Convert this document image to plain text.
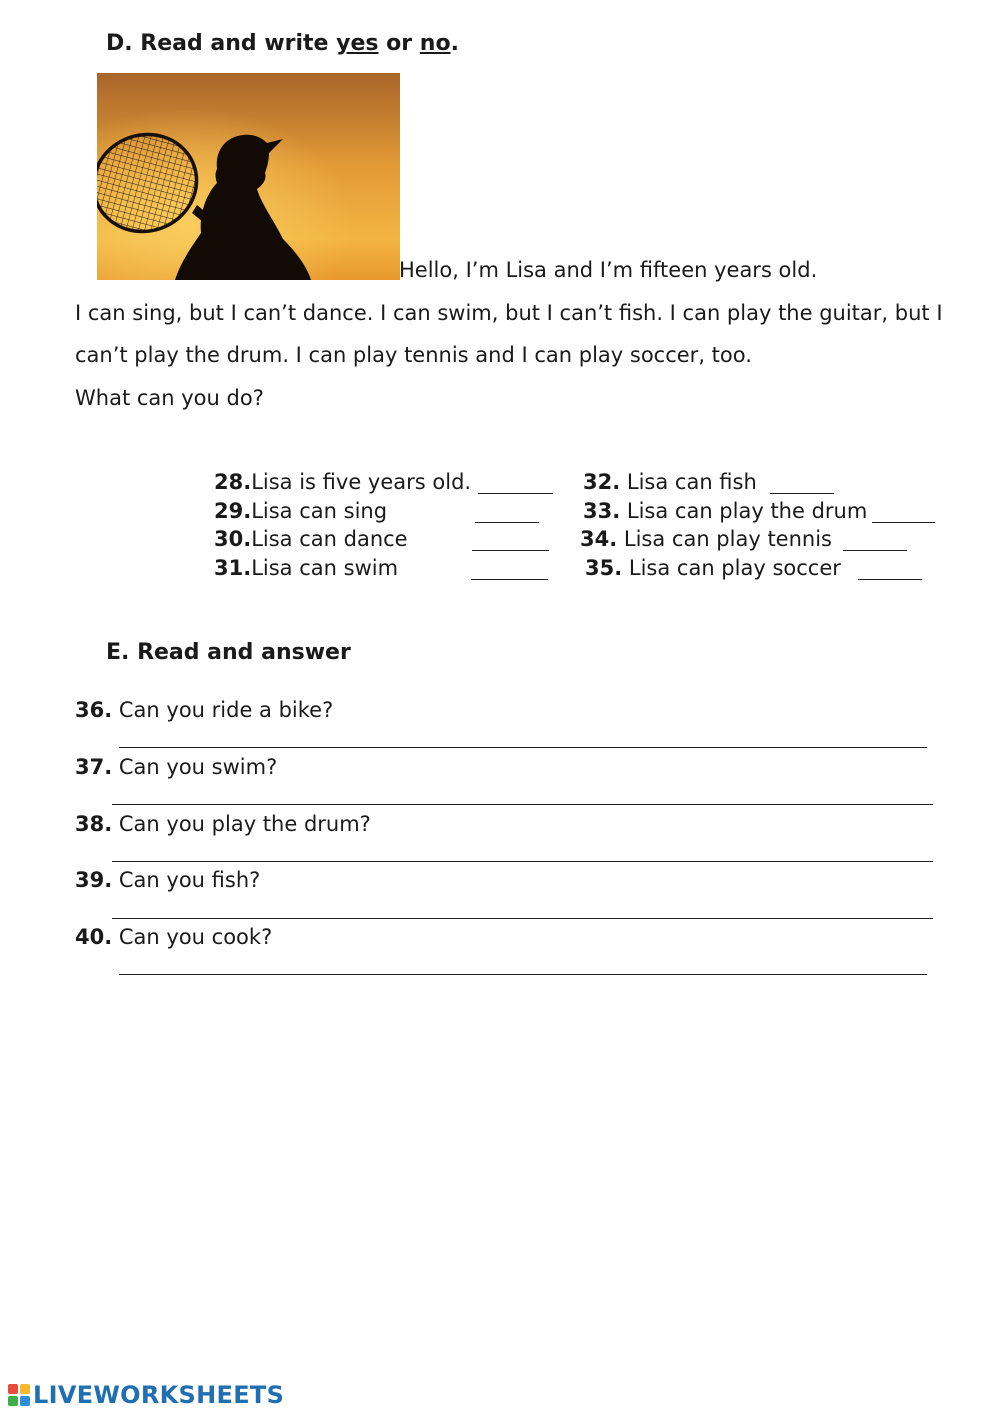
D. Read and write yes or no.
Hello, I’m Lisa and I’m fifteen years old.
I can sing, but I can’t dance. I can swim, but I can’t fish. I can play the guitar, but I
can’t play the drum. I can play tennis and I can play soccer, too.
What can you do?
28.Lisa is five years old.
29.Lisa can sing
30.Lisa can dance
31.Lisa can swim
32. Lisa can fish
33. Lisa can play the drum
34. Lisa can play tennis
35. Lisa can play soccer
E. Read and answer
36. Can you ride a bike?
37. Can you swim?
38. Can you play the drum?
39. Can you fish?
40. Can you cook?
LIVEWORKSHEETS
